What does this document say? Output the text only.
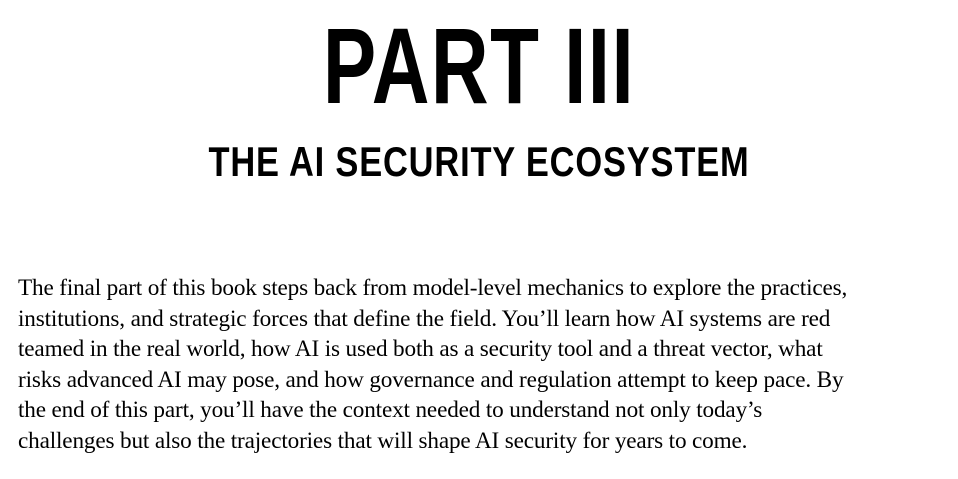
PART III
THE AI SECURITY ECOSYSTEM

The final part of this book steps back from model-level mechanics to explore the practices,
institutions, and strategic forces that define the field. You’ll learn how AI systems are red
teamed in the real world, how AI is used both as a security tool and a threat vector, what
risks advanced AI may pose, and how governance and regulation attempt to keep pace. By
the end of this part, you’ll have the context needed to understand not only today’s
challenges but also the trajectories that will shape AI security for years to come.
